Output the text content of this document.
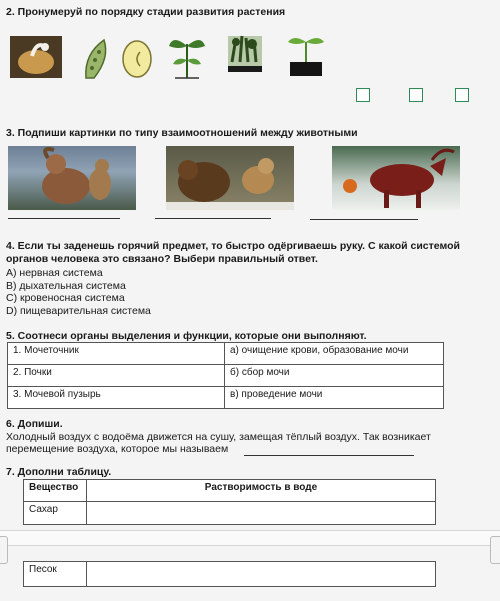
2. Пронумеруй по порядку стадии развития растения
3. Подпиши картинки по типу взаимоотношений между животными
4. Если ты заденешь горячий предмет, то быстро одёргиваешь руку. С какой системой
органов человека это связано? Выбери правильный ответ.
A) нервная система
B) дыхательная система
C) кровеносная система
D) пищеварительная система
5. Соотнеси органы выделения и функции, которые они выполняют.
1. Мочеточник	а) очищение крови, образование мочи
2. Почки	б) сбор мочи
3. Мочевой пузырь	в) проведение мочи
6. Допиши.
Холодный воздух с водоёма движется на сушу, замещая тёплый воздух. Так возникает
перемещение воздуха, которое мы называем
7. Дополни таблицу.
Вещество	Растворимость в воде
Сахар	
Песок	
